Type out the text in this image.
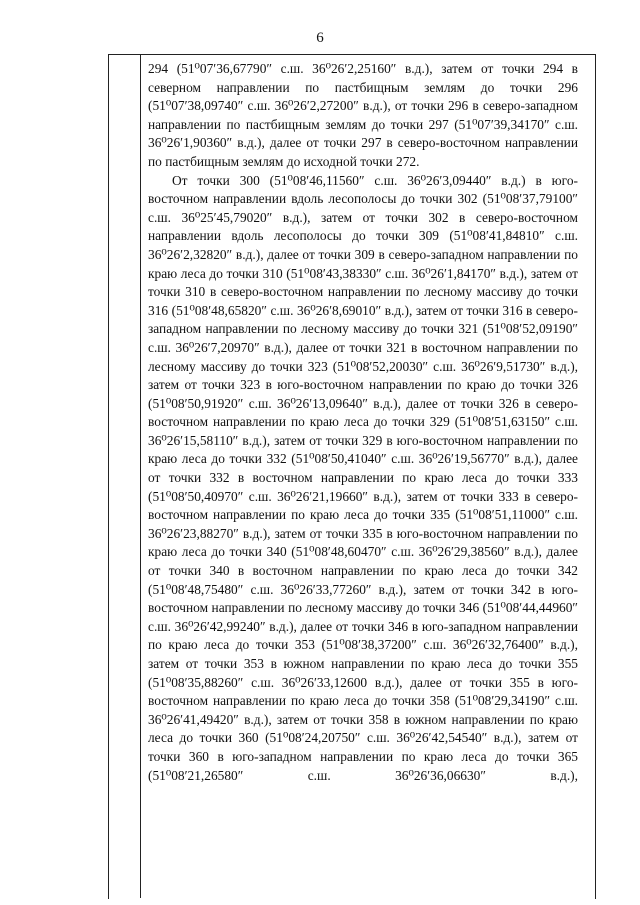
6

294 (51⁰07′36,67790″ с.ш. 36⁰26′2,25160″ в.д.), затем от точки 294 в северном направлении по пастбищным землям до точки 296 (51⁰07′38,09740″ с.ш. 36⁰26′2,27200″ в.д.), от точки 296 в северо-западном направлении по пастбищным землям до точки 297 (51⁰07′39,34170″ с.ш. 36⁰26′1,90360″ в.д.), далее от точки 297 в северо-восточном направлении по пастбищным землям до исходной точки 272.

От точки 300 (51⁰08′46,11560″ с.ш. 36⁰26′3,09440″ в.д.) в юго-восточном направлении вдоль лесополосы до точки 302 (51⁰08′37,79100″ с.ш. 36⁰25′45,79020″ в.д.), затем от точки 302 в северо-восточном направлении вдоль лесополосы до точки 309 (51⁰08′41,84810″ с.ш. 36⁰26′2,32820″ в.д.), далее от точки 309 в северо-западном направлении по краю леса до точки 310 (51⁰08′43,38330″ с.ш. 36⁰26′1,84170″ в.д.), затем от точки 310 в северо-восточном направлении по лесному массиву до точки 316 (51⁰08′48,65820″ с.ш. 36⁰26′8,69010″ в.д.), затем от точки 316 в северо-западном направлении по лесному массиву до точки 321 (51⁰08′52,09190″ с.ш. 36⁰26′7,20970″ в.д.), далее от точки 321 в восточном направлении по лесному массиву до точки 323 (51⁰08′52,20030″ с.ш. 36⁰26′9,51730″ в.д.), затем от точки 323 в юго-восточном направлении по краю до точки 326 (51⁰08′50,91920″ с.ш. 36⁰26′13,09640″ в.д.), далее от точки 326 в северо-восточном направлении по краю леса до точки 329 (51⁰08′51,63150″ с.ш. 36⁰26′15,58110″ в.д.), затем от точки 329 в юго-восточном направлении по краю леса до точки 332 (51⁰08′50,41040″ с.ш. 36⁰26′19,56770″ в.д.), далее от точки 332 в восточном направлении по краю леса до точки 333 (51⁰08′50,40970″ с.ш. 36⁰26′21,19660″ в.д.), затем от точки 333 в северо-восточном направлении по краю леса до точки 335 (51⁰08′51,11000″ с.ш. 36⁰26′23,88270″ в.д.), затем от точки 335 в юго-восточном направлении по краю леса до точки 340 (51⁰08′48,60470″ с.ш. 36⁰26′29,38560″ в.д.), далее от точки 340 в восточном направлении по краю леса до точки 342 (51⁰08′48,75480″ с.ш. 36⁰26′33,77260″ в.д.), затем от точки 342 в юго-восточном направлении по лесному массиву до точки 346 (51⁰08′44,44960″ с.ш. 36⁰26′42,99240″ в.д.), далее от точки 346 в юго-западном направлении по краю леса до точки 353 (51⁰08′38,37200″ с.ш. 36⁰26′32,76400″ в.д.), затем от точки 353 в южном направлении по краю леса до точки 355 (51⁰08′35,88260″ с.ш. 36⁰26′33,12600 в.д.), далее от точки 355 в юго-восточном направлении по краю леса до точки 358 (51⁰08′29,34190″ с.ш. 36⁰26′41,49420″ в.д.), затем от точки 358 в южном направлении по краю леса до точки 360 (51⁰08′24,20750″ с.ш. 36⁰26′42,54540″ в.д.), затем от точки 360 в юго-западном направлении по краю леса до точки 365 (51⁰08′21,26580″ с.ш. 36⁰26′36,06630″ в.д.),
